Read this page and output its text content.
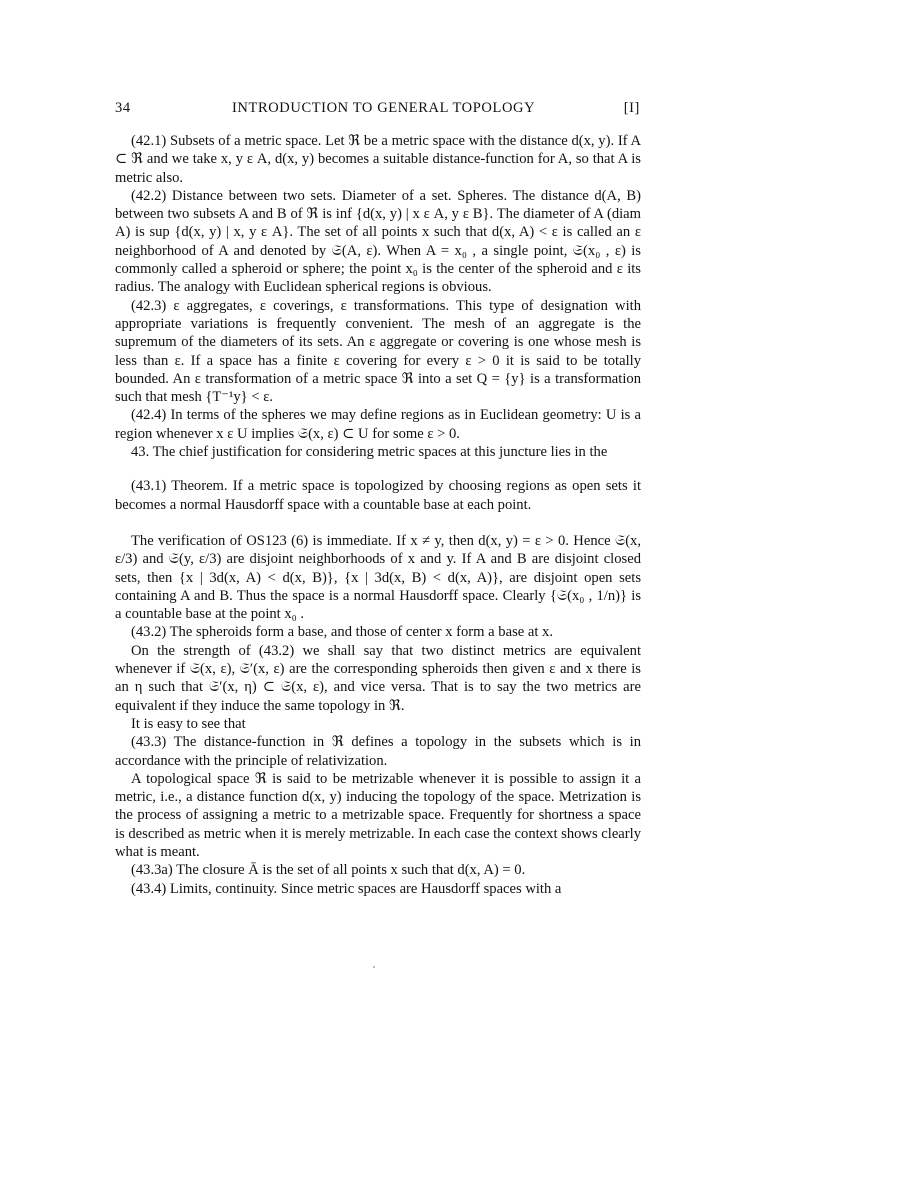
34	INTRODUCTION TO GENERAL TOPOLOGY	[I]

(42.1) Subsets of a metric space. Let ℜ be a metric space with the distance d(x, y). If A ⊂ ℜ and we take x, y ε A, d(x, y) becomes a suitable distance-function for A, so that A is metric also.

(42.2) Distance between two sets. Diameter of a set. Spheres. The distance d(A, B) between two subsets A and B of ℜ is inf {d(x, y) | x ε A, y ε B}. The diameter of A (diam A) is sup {d(x, y) | x, y ε A}. The set of all points x such that d(x, A) < ε is called an ε neighborhood of A and denoted by 𝔖(A, ε). When A = x₀ , a single point, 𝔖(x₀ , ε) is commonly called a spheroid or sphere; the point x₀ is the center of the spheroid and ε its radius. The analogy with Euclidean spherical regions is obvious.

(42.3) ε aggregates, ε coverings, ε transformations. This type of designation with appropriate variations is frequently convenient. The mesh of an aggregate is the supremum of the diameters of its sets. An ε aggregate or covering is one whose mesh is less than ε. If a space has a finite ε covering for every ε > 0 it is said to be totally bounded. An ε transformation of a metric space ℜ into a set Q = {y} is a transformation such that mesh {T⁻¹y} < ε.

(42.4) In terms of the spheres we may define regions as in Euclidean geometry: U is a region whenever x ε U implies 𝔖(x, ε) ⊂ U for some ε > 0.

43. The chief justification for considering metric spaces at this juncture lies in the

(43.1) Theorem. If a metric space is topologized by choosing regions as open sets it becomes a normal Hausdorff space with a countable base at each point.

The verification of OS123 (6) is immediate. If x ≠ y, then d(x, y) = ε > 0. Hence 𝔖(x, ε/3) and 𝔖(y, ε/3) are disjoint neighborhoods of x and y. If A and B are disjoint closed sets, then {x | 3d(x, A) < d(x, B)}, {x | 3d(x, B) < d(x, A)}, are disjoint open sets containing A and B. Thus the space is a normal Hausdorff space. Clearly {𝔖(x₀ , 1/n)} is a countable base at the point x₀ .

(43.2) The spheroids form a base, and those of center x form a base at x.

On the strength of (43.2) we shall say that two distinct metrics are equivalent whenever if 𝔖(x, ε), 𝔖′(x, ε) are the corresponding spheroids then given ε and x there is an η such that 𝔖′(x, η) ⊂ 𝔖(x, ε), and vice versa. That is to say the two metrics are equivalent if they induce the same topology in ℜ.

It is easy to see that

(43.3) The distance-function in ℜ defines a topology in the subsets which is in accordance with the principle of relativization.

A topological space ℜ is said to be metrizable whenever it is possible to assign it a metric, i.e., a distance function d(x, y) inducing the topology of the space. Metrization is the process of assigning a metric to a metrizable space. Frequently for shortness a space is described as metric when it is merely metrizable. In each case the context shows clearly what is meant.

(43.3a) The closure Ā is the set of all points x such that d(x, A) = 0.

(43.4) Limits, continuity. Since metric spaces are Hausdorff spaces with a
